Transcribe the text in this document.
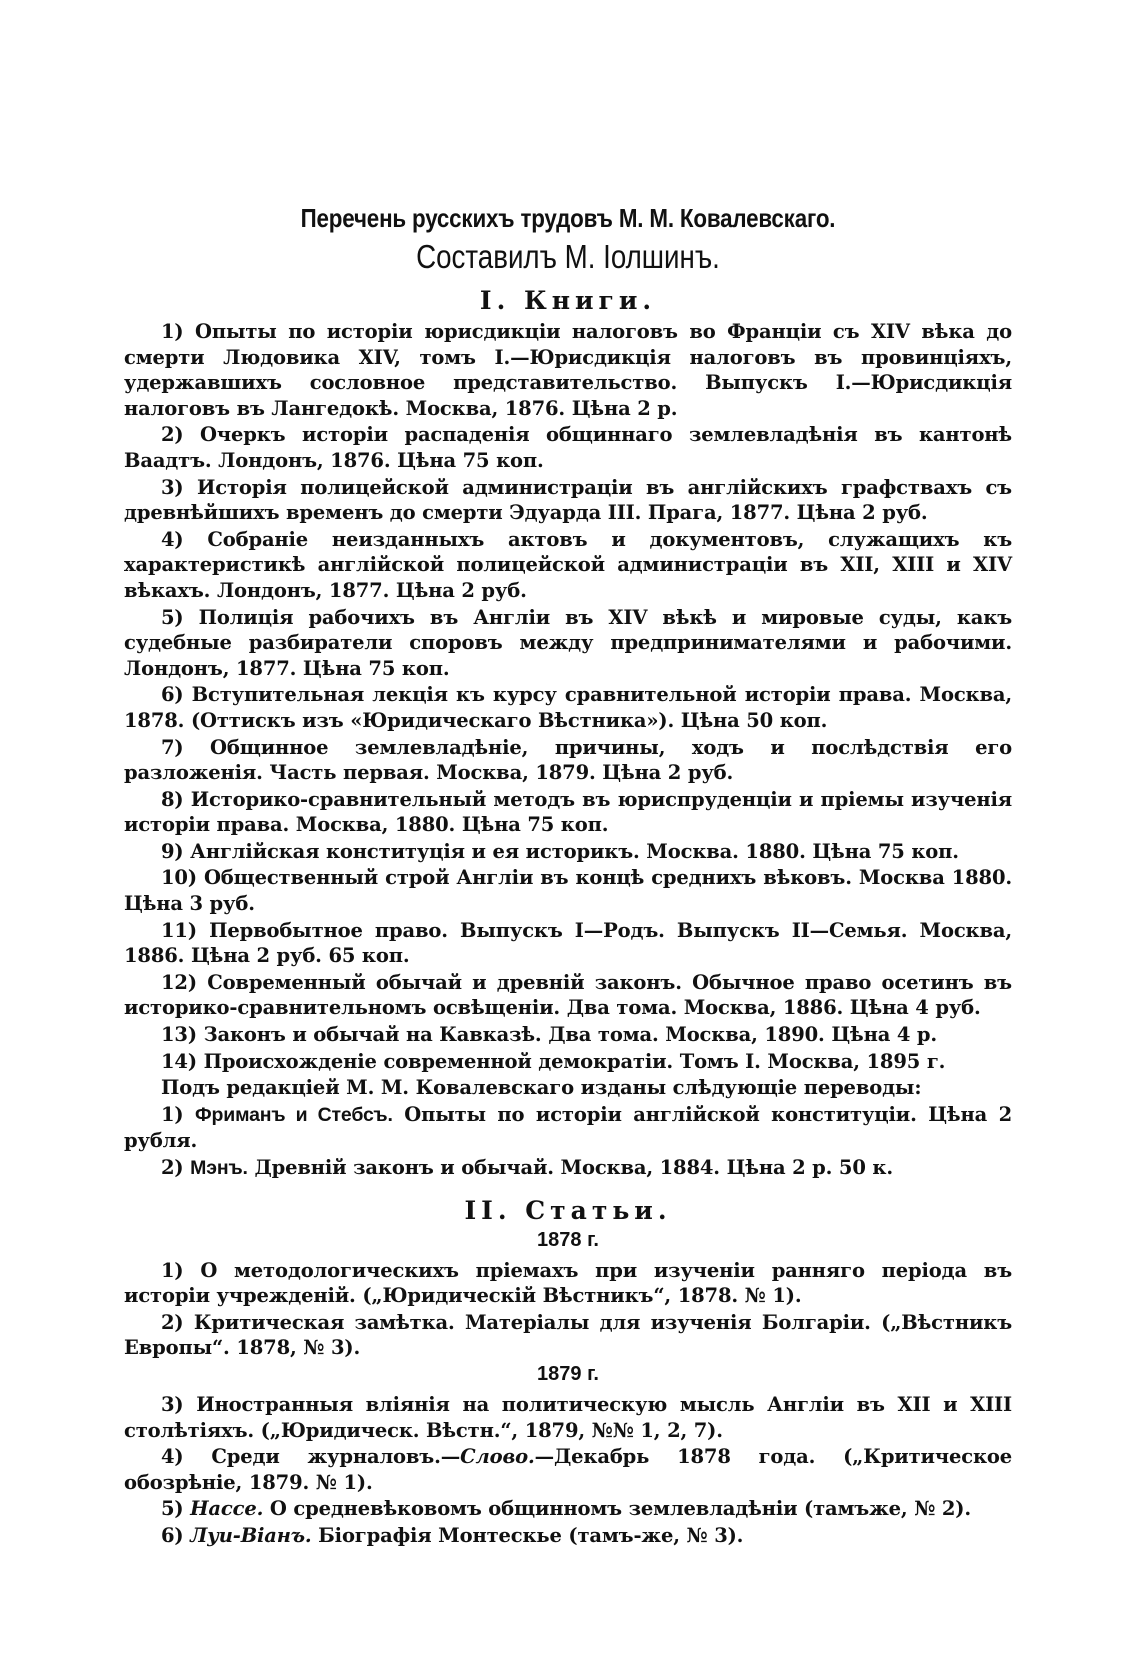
Перечень русскихъ трудовъ М. М. Ковалевскаго.
Составилъ М. Іолшинъ.
I. Книги.

1) Опыты по исторіи юрисдикціи налоговъ во Франціи съ XIV вѣка до смерти Людовика XIV, томъ I.—Юрисдикція налоговъ въ провинціяхъ, удержавшихъ сословное представительство. Выпускъ I.—Юрисдикція налоговъ въ Лангедокѣ. Москва, 1876. Цѣна 2 р.

2) Очеркъ исторіи распаденія общиннаго землевладѣнія въ кантонѣ Ваадтъ. Лондонъ, 1876. Цѣна 75 коп.

3) Исторія полицейской администраціи въ англійскихъ графствахъ съ древнѣйшихъ временъ до смерти Эдуарда III. Прага, 1877. Цѣна 2 руб.

4) Собраніе неизданныхъ актовъ и документовъ, служащихъ къ характеристикѣ англійской полицейской администраціи въ XII, XIII и XIV вѣкахъ. Лондонъ, 1877. Цѣна 2 руб.

5) Полиція рабочихъ въ Англіи въ XIV вѣкѣ и мировые суды, какъ судебные разбиратели споровъ между предпринимателями и рабочими. Лондонъ, 1877. Цѣна 75 коп.

6) Вступительная лекція къ курсу сравнительной исторіи права. Москва, 1878. (Оттискъ изъ «Юридическаго Вѣстника»). Цѣна 50 коп.

7) Общинное землевладѣніе, причины, ходъ и послѣдствія его разложенія. Часть первая. Москва, 1879. Цѣна 2 руб.

8) Историко-сравнительный методъ въ юриспруденціи и пріемы изученія исторіи права. Москва, 1880. Цѣна 75 коп.

9) Англійская конституція и ея историкъ. Москва. 1880. Цѣна 75 коп.

10) Общественный строй Англіи въ концѣ среднихъ вѣковъ. Москва 1880. Цѣна 3 руб.

11) Первобытное право. Выпускъ I—Родъ. Выпускъ II—Семья. Москва, 1886. Цѣна 2 руб. 65 коп.

12) Современный обычай и древній законъ. Обычное право осетинъ въ историко-сравнительномъ освѣщеніи. Два тома. Москва, 1886. Цѣна 4 руб.

13) Законъ и обычай на Кавказѣ. Два тома. Москва, 1890. Цѣна 4 р.

14) Происхожденіе современной демократіи. Томъ I. Москва, 1895 г.

Подъ редакціей М. М. Ковалевскаго изданы слѣдующіе переводы:

1) Фриманъ и Стебсъ. Опыты по исторіи англійской конституціи. Цѣна 2 рубля.

2) Мэнъ. Древній законъ и обычай. Москва, 1884. Цѣна 2 р. 50 к.

II. Статьи.
1878 г.

1) О методологическихъ пріемахъ при изученіи ранняго періода въ исторіи учрежденій. („Юридическій Вѣстникъ“, 1878. № 1).

2) Критическая замѣтка. Матеріалы для изученія Болгаріи. („Вѣстникъ Европы“. 1878, № 3).

1879 г.

3) Иностранныя вліянія на политическую мысль Англіи въ XII и XIII столѣтіяхъ. („Юридическ. Вѣстн.“, 1879, №№ 1, 2, 7).

4) Среди журналовъ.—Слово.—Декабрь 1878 года. („Критическое обозрѣніе, 1879. № 1).

5) Нассе. О средневѣковомъ общинномъ землевладѣніи (тамъже, № 2).

6) Луи-Віанъ. Біографія Монтескье (тамъ-же, № 3).
